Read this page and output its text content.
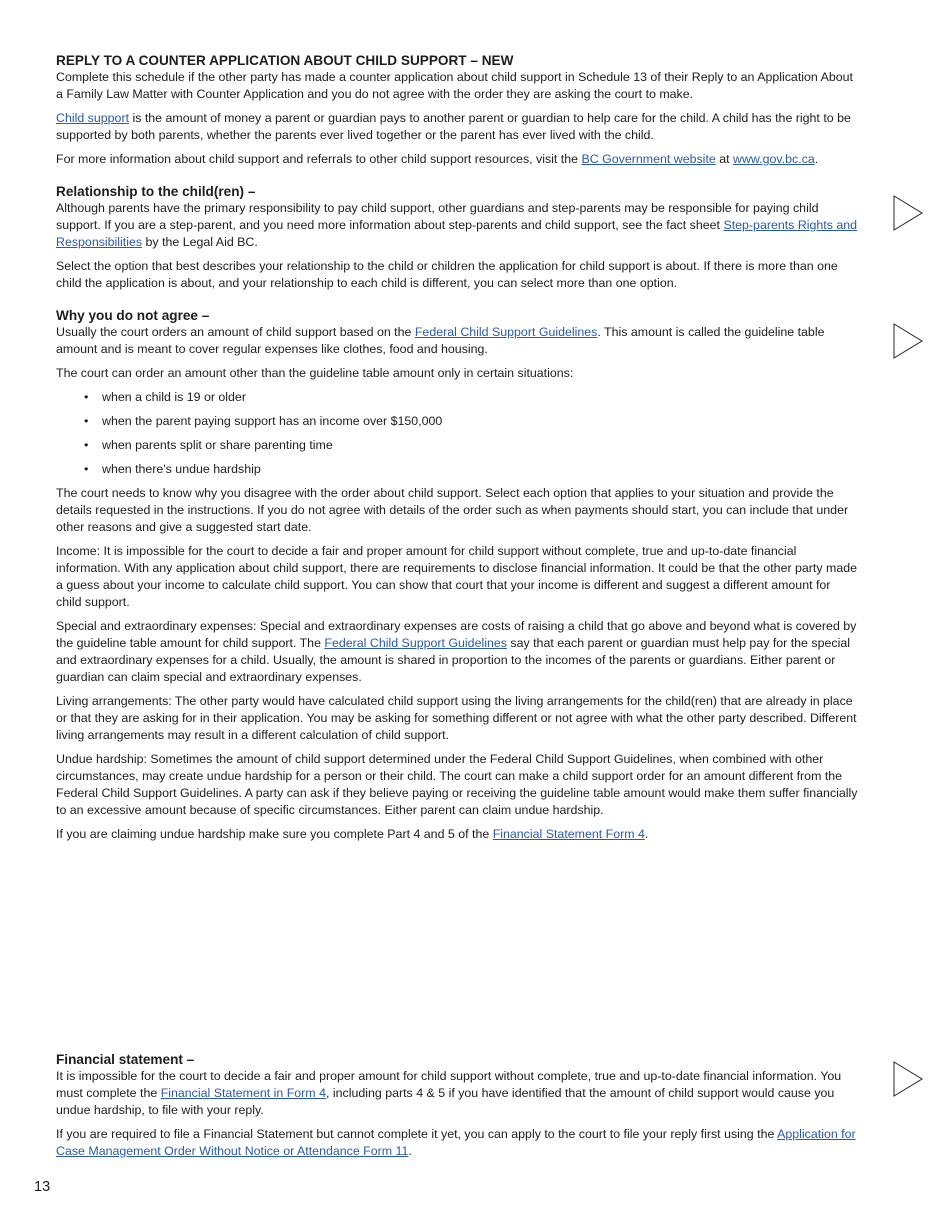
REPLY TO A COUNTER APPLICATION ABOUT CHILD SUPPORT – NEW

Complete this schedule if the other party has made a counter application about child support in Schedule 13 of their Reply to an Application About a Family Law Matter with Counter Application and you do not agree with the order they are asking the court to make.

Child support is the amount of money a parent or guardian pays to another parent or guardian to help care for the child. A child has the right to be supported by both parents, whether the parents ever lived together or the parent has ever lived with the child.

For more information about child support and referrals to other child support resources, visit the BC Government website at www.gov.bc.ca.

Relationship to the child(ren) –

Although parents have the primary responsibility to pay child support, other guardians and step-parents may be responsible for paying child support. If you are a step-parent, and you need more information about step-parents and child support, see the fact sheet Step-parents Rights and Responsibilities by the Legal Aid BC.

Select the option that best describes your relationship to the child or children the application for child support is about. If there is more than one child the application is about, and your relationship to each child is different, you can select more than one option.

Why you do not agree –

Usually the court orders an amount of child support based on the Federal Child Support Guidelines. This amount is called the guideline table amount and is meant to cover regular expenses like clothes, food and housing.

The court can order an amount other than the guideline table amount only in certain situations:

• when a child is 19 or older
• when the parent paying support has an income over $150,000
• when parents split or share parenting time
• when there's undue hardship

The court needs to know why you disagree with the order about child support. Select each option that applies to your situation and provide the details requested in the instructions. If you do not agree with details of the order such as when payments should start, you can include that under other reasons and give a suggested start date.

Income: It is impossible for the court to decide a fair and proper amount for child support without complete, true and up-to-date financial information. With any application about child support, there are requirements to disclose financial information. It could be that the other party made a guess about your income to calculate child support. You can show that court that your income is different and suggest a different amount for child support.

Special and extraordinary expenses: Special and extraordinary expenses are costs of raising a child that go above and beyond what is covered by the guideline table amount for child support. The Federal Child Support Guidelines say that each parent or guardian must help pay for the special and extraordinary expenses for a child. Usually, the amount is shared in proportion to the incomes of the parents or guardians. Either parent or guardian can claim special and extraordinary expenses.

Living arrangements: The other party would have calculated child support using the living arrangements for the child(ren) that are already in place or that they are asking for in their application. You may be asking for something different or not agree with what the other party described. Different living arrangements may result in a different calculation of child support.

Undue hardship: Sometimes the amount of child support determined under the Federal Child Support Guidelines, when combined with other circumstances, may create undue hardship for a person or their child. The court can make a child support order for an amount different from the Federal Child Support Guidelines. A party can ask if they believe paying or receiving the guideline table amount would make them suffer financially to an excessive amount because of specific circumstances. Either parent can claim undue hardship.

If you are claiming undue hardship make sure you complete Part 4 and 5 of the Financial Statement Form 4.

Financial statement –

It is impossible for the court to decide a fair and proper amount for child support without complete, true and up-to-date financial information. You must complete the Financial Statement in Form 4, including parts 4 & 5 if you have identified that the amount of child support would cause you undue hardship, to file with your reply.

If you are required to file a Financial Statement but cannot complete it yet, you can apply to the court to file your reply first using the Application for Case Management Order Without Notice or Attendance Form 11.

13
